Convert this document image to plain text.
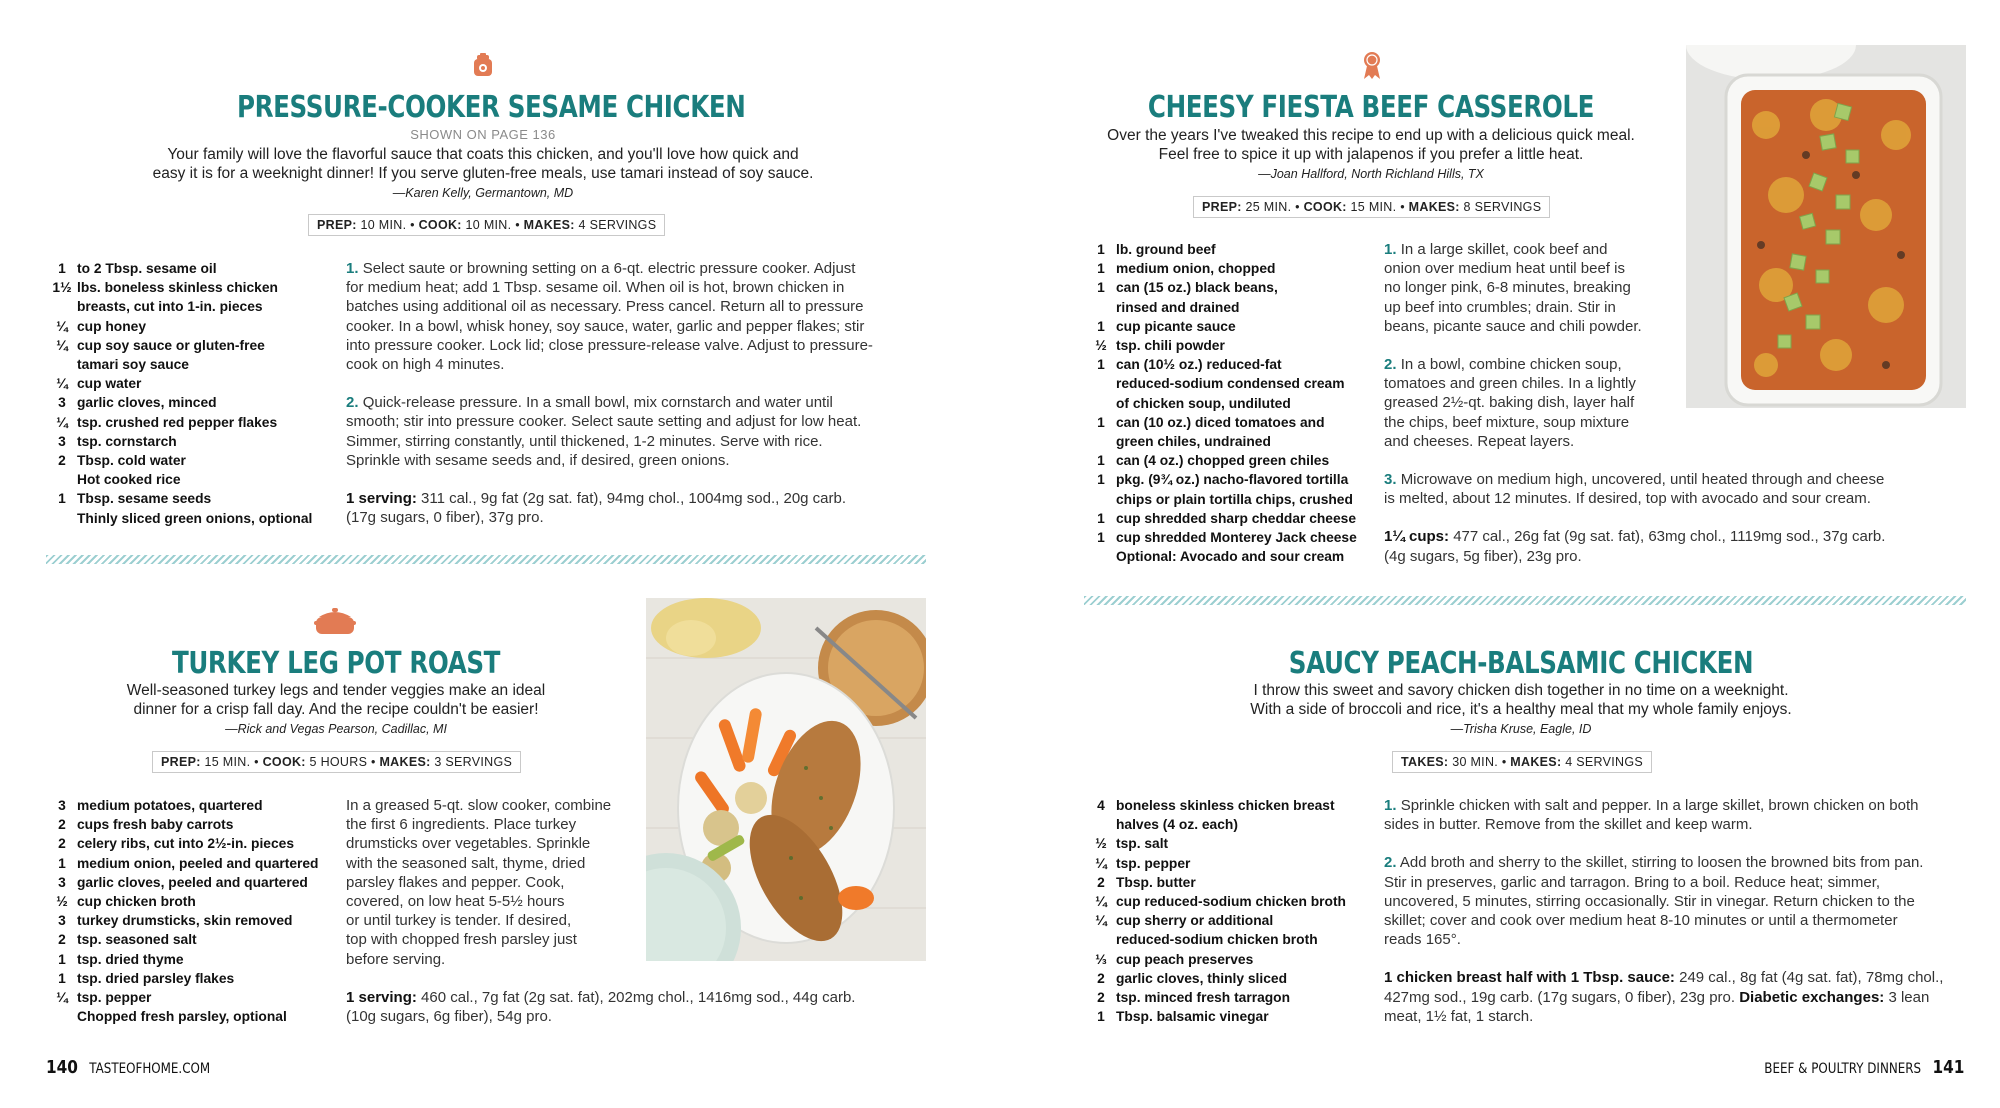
PRESSURE-COOKER SESAME CHICKEN
SHOWN ON PAGE 136
Your family will love the flavorful sauce that coats this chicken, and you'll love how quick and
easy it is for a weeknight dinner! If you serve gluten-free meals, use tamari instead of soy sauce.
—Karen Kelly, Germantown, MD
PREP: 10 MIN. • COOK: 10 MIN. • MAKES: 4 SERVINGS
1 to 2 Tbsp. sesame oil
1½ lbs. boneless skinless chicken
breasts, cut into 1-in. pieces
¼ cup honey
¼ cup soy sauce or gluten-free
tamari soy sauce
¼ cup water
3 garlic cloves, minced
¼ tsp. crushed red pepper flakes
3 tsp. cornstarch
2 Tbsp. cold water
Hot cooked rice
1 Tbsp. sesame seeds
Thinly sliced green onions, optional

1. Select saute or browning setting on a 6-qt. electric pressure cooker. Adjust
for medium heat; add 1 Tbsp. sesame oil. When oil is hot, brown chicken in
batches using additional oil as necessary. Press cancel. Return all to pressure
cooker. In a bowl, whisk honey, soy sauce, water, garlic and pepper flakes; stir
into pressure cooker. Lock lid; close pressure-release valve. Adjust to pressure-
cook on high 4 minutes.

2. Quick-release pressure. In a small bowl, mix cornstarch and water until
smooth; stir into pressure cooker. Select saute setting and adjust for low heat.
Simmer, stirring constantly, until thickened, 1-2 minutes. Serve with rice.
Sprinkle with sesame seeds and, if desired, green onions.

1 serving: 311 cal., 9g fat (2g sat. fat), 94mg chol., 1004mg sod., 20g carb.
(17g sugars, 0 fiber), 37g pro.

CHEESY FIESTA BEEF CASSEROLE
Over the years I've tweaked this recipe to end up with a delicious quick meal.
Feel free to spice it up with jalapenos if you prefer a little heat.
—Joan Hallford, North Richland Hills, TX
PREP: 25 MIN. • COOK: 15 MIN. • MAKES: 8 SERVINGS
1 lb. ground beef
1 medium onion, chopped
1 can (15 oz.) black beans,
rinsed and drained
1 cup picante sauce
½ tsp. chili powder
1 can (10½ oz.) reduced-fat
reduced-sodium condensed cream
of chicken soup, undiluted
1 can (10 oz.) diced tomatoes and
green chiles, undrained
1 can (4 oz.) chopped green chiles
1 pkg. (9¾ oz.) nacho-flavored tortilla
chips or plain tortilla chips, crushed
1 cup shredded sharp cheddar cheese
1 cup shredded Monterey Jack cheese
Optional: Avocado and sour cream

1. In a large skillet, cook beef and
onion over medium heat until beef is
no longer pink, 6-8 minutes, breaking
up beef into crumbles; drain. Stir in
beans, picante sauce and chili powder.

2. In a bowl, combine chicken soup,
tomatoes and green chiles. In a lightly
greased 2½-qt. baking dish, layer half
the chips, beef mixture, soup mixture
and cheeses. Repeat layers.

3. Microwave on medium high, uncovered, until heated through and cheese
is melted, about 12 minutes. If desired, top with avocado and sour cream.

1¼ cups: 477 cal., 26g fat (9g sat. fat), 63mg chol., 1119mg sod., 37g carb.
(4g sugars, 5g fiber), 23g pro.

TURKEY LEG POT ROAST
Well-seasoned turkey legs and tender veggies make an ideal
dinner for a crisp fall day. And the recipe couldn't be easier!
—Rick and Vegas Pearson, Cadillac, MI
PREP: 15 MIN. • COOK: 5 HOURS • MAKES: 3 SERVINGS
3 medium potatoes, quartered
2 cups fresh baby carrots
2 celery ribs, cut into 2½-in. pieces
1 medium onion, peeled and quartered
3 garlic cloves, peeled and quartered
½ cup chicken broth
3 turkey drumsticks, skin removed
2 tsp. seasoned salt
1 tsp. dried thyme
1 tsp. dried parsley flakes
¼ tsp. pepper
Chopped fresh parsley, optional

In a greased 5-qt. slow cooker, combine
the first 6 ingredients. Place turkey
drumsticks over vegetables. Sprinkle
with the seasoned salt, thyme, dried
parsley flakes and pepper. Cook,
covered, on low heat 5-5½ hours
or until turkey is tender. If desired,
top with chopped fresh parsley just
before serving.

1 serving: 460 cal., 7g fat (2g sat. fat), 202mg chol., 1416mg sod., 44g carb.
(10g sugars, 6g fiber), 54g pro.

SAUCY PEACH-BALSAMIC CHICKEN
I throw this sweet and savory chicken dish together in no time on a weeknight.
With a side of broccoli and rice, it's a healthy meal that my whole family enjoys.
—Trisha Kruse, Eagle, ID
TAKES: 30 MIN. • MAKES: 4 SERVINGS
4 boneless skinless chicken breast
halves (4 oz. each)
½ tsp. salt
¼ tsp. pepper
2 Tbsp. butter
¼ cup reduced-sodium chicken broth
¼ cup sherry or additional
reduced-sodium chicken broth
⅓ cup peach preserves
2 garlic cloves, thinly sliced
2 tsp. minced fresh tarragon
1 Tbsp. balsamic vinegar

1. Sprinkle chicken with salt and pepper. In a large skillet, brown chicken on both
sides in butter. Remove from the skillet and keep warm.

2. Add broth and sherry to the skillet, stirring to loosen the browned bits from pan.
Stir in preserves, garlic and tarragon. Bring to a boil. Reduce heat; simmer,
uncovered, 5 minutes, stirring occasionally. Stir in vinegar. Return chicken to the
skillet; cover and cook over medium heat 8-10 minutes or until a thermometer
reads 165°.

1 chicken breast half with 1 Tbsp. sauce: 249 cal., 8g fat (4g sat. fat), 78mg chol.,
427mg sod., 19g carb. (17g sugars, 0 fiber), 23g pro. Diabetic exchanges: 3 lean
meat, 1½ fat, 1 starch.

140 TASTEOFHOME.COM	BEEF & POULTRY DINNERS 141
